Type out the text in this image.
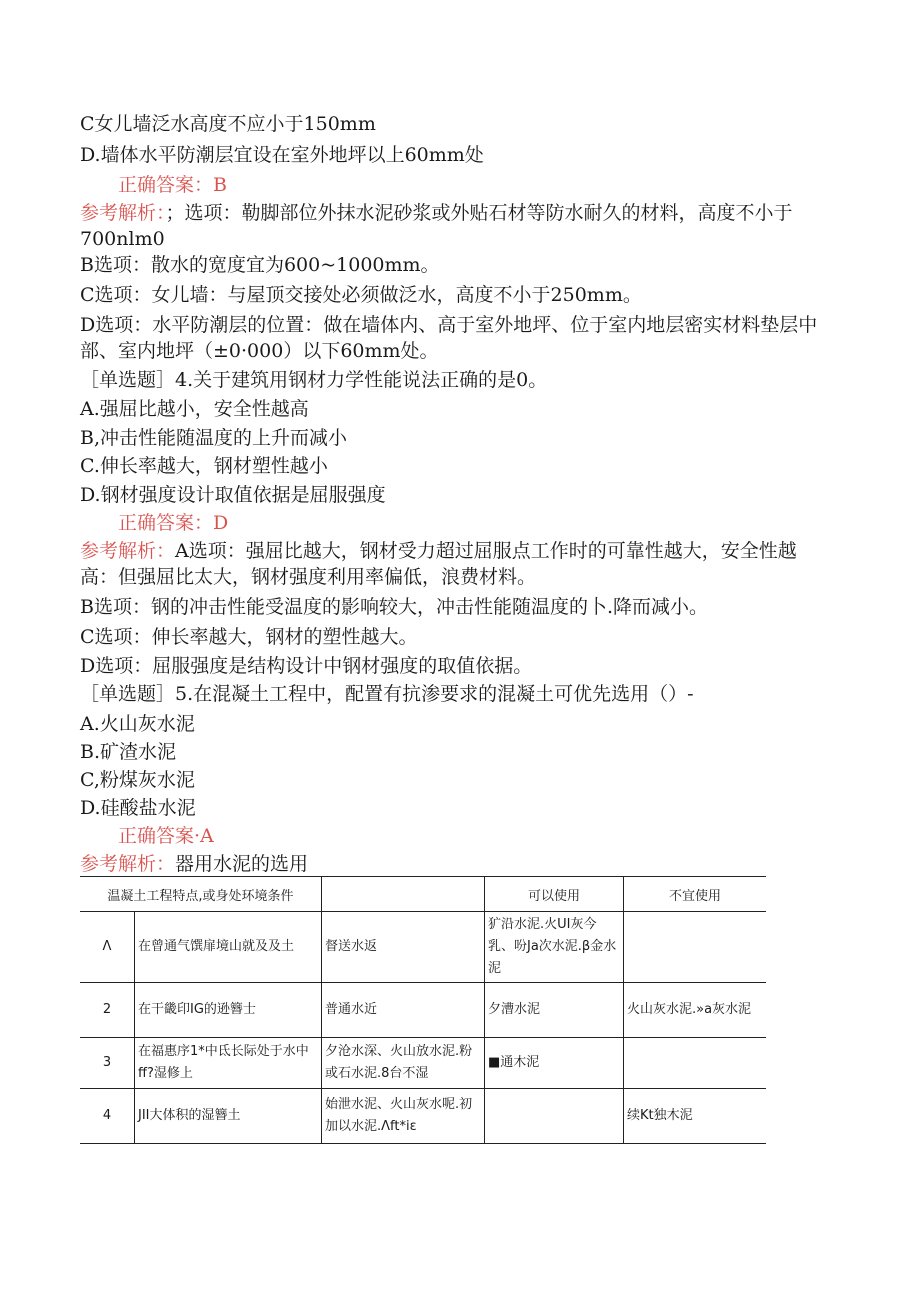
C女儿墙泛水高度不应小于150mm
D.墙体水平防潮层宜设在室外地坪以上60mm处
正确答案：B
参考解析：；选项：勒脚部位外抹水泥砂浆或外贴石材等防水耐久的材料，高度不小于700nlm0
B选项：散水的宽度宜为600~1000mm。
C选项：女儿墙：与屋顶交接处必须做泛水，高度不小于250mm。
D选项：水平防潮层的位置：做在墙体内、高于室外地坪、位于室内地层密实材料垫层中部、室内地坪（±0·000）以下60mm处。
［单选题］4.关于建筑用钢材力学性能说法正确的是0。
A.强屈比越小，安全性越高
B,冲击性能随温度的上升而减小
C.伸长率越大，钢材塑性越小
D.钢材强度设计取值依据是屈服强度
正确答案：D
参考解析：A选项：强屈比越大，钢材受力超过屈服点工作时的可靠性越大，安全性越高：但强屈比太大，钢材强度利用率偏低，浪费材料。
B选项：钢的冲击性能受温度的影响较大，冲击性能随温度的卜.降而减小。
C选项：伸长率越大，钢材的塑性越大。
D选项：屈服强度是结构设计中钢材强度的取值依据。
［单选题］5.在混凝土工程中，配置有抗渗要求的混凝土可优先选用（）-
A.火山灰水泥
B.矿渣水泥
C,粉煤灰水泥
D.硅酸盐水泥
正确答案·A
参考解析：器用水泥的选用
温凝土工程特点,或身处环境条件			可以使用	不宜使用
Λ	在曾通气馔扉境山就及及土	督送水返	犷沿水泥.火UI灰今乳、吩Ja次水泥.β金水泥	
2	在干畿印IG的逊簪士	普通水近	夕漕水泥	火山灰水泥.»a灰水泥
3	在福惠序1*中氐长际处于水中ff?湿修上	夕沧水深、火山放水泥.粉或石水泥.8台不湿	■通木泥	
4	JII大体积的湿簪土	始泄水泥、火山灰水呢.初加以水泥.Λft*iε		续Kt独木泥
